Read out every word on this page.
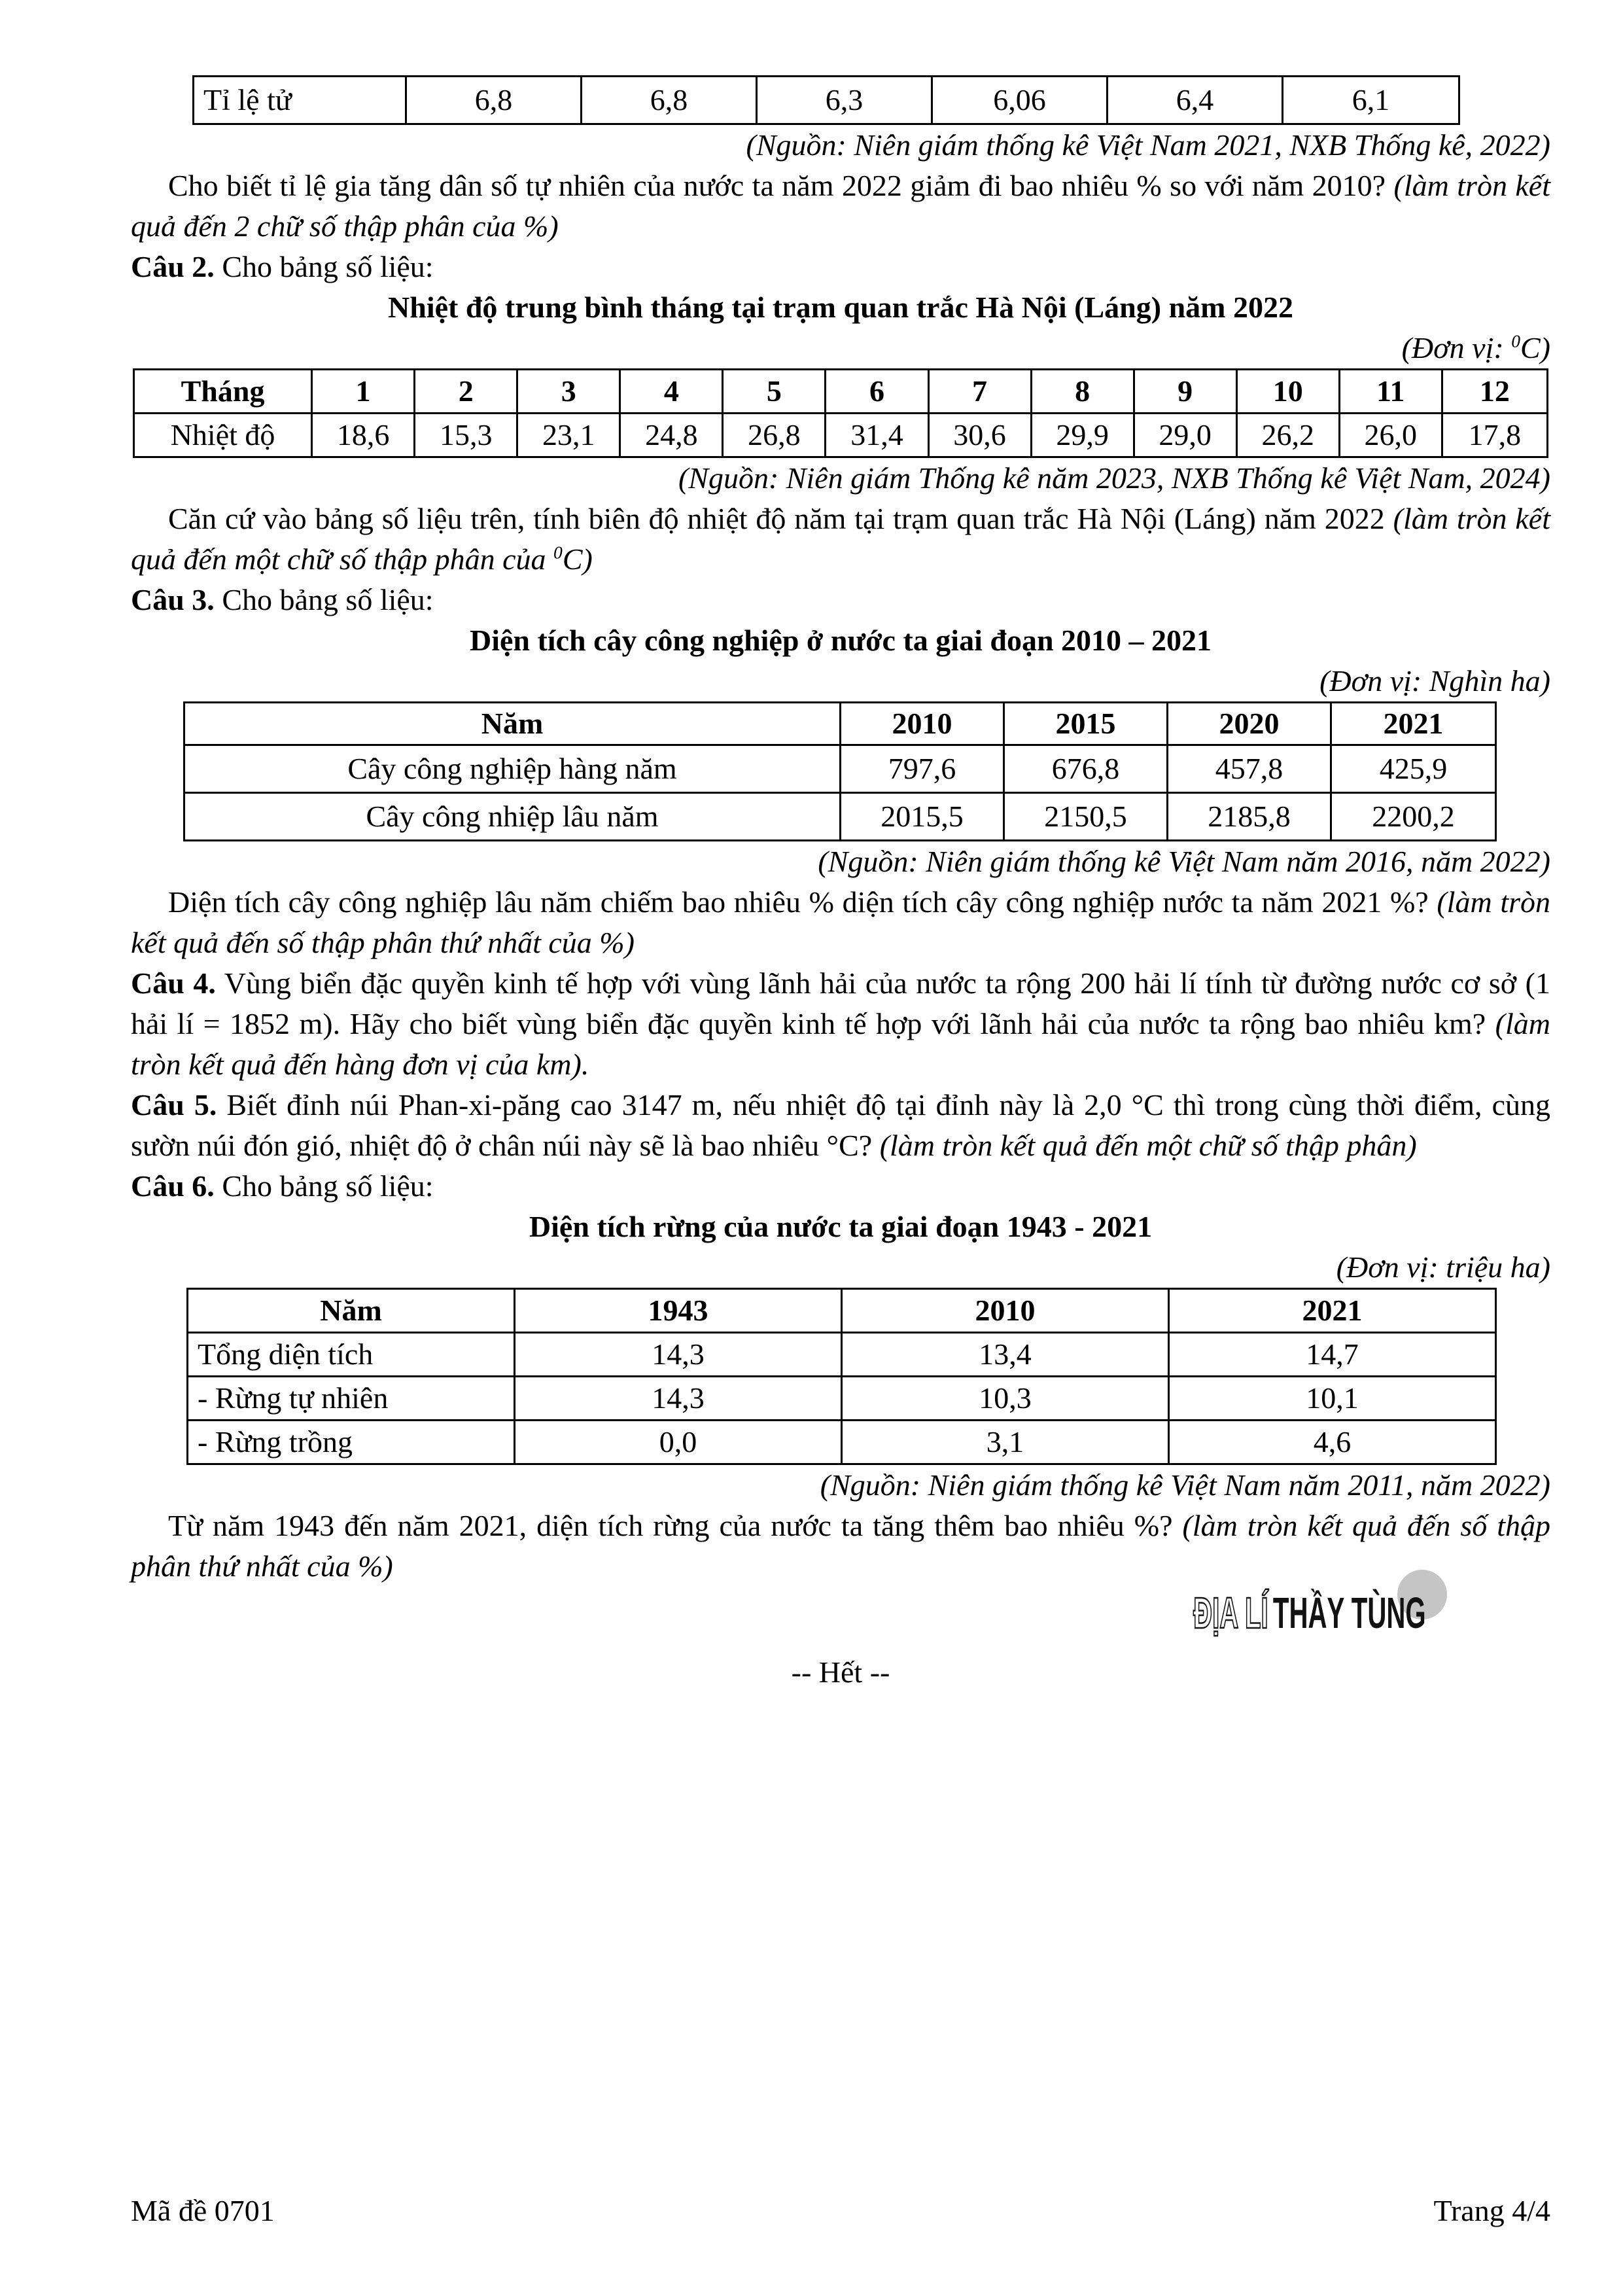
Tỉ lệ tử	6,8	6,8	6,3	6,06	6,4	6,1

(Nguồn: Niên giám thống kê Việt Nam 2021, NXB Thống kê, 2022)

Cho biết tỉ lệ gia tăng dân số tự nhiên của nước ta năm 2022 giảm đi bao nhiêu % so với năm 2010? (làm tròn kết quả đến 2 chữ số thập phân của %)

Câu 2. Cho bảng số liệu:

Nhiệt độ trung bình tháng tại trạm quan trắc Hà Nội (Láng) năm 2022

(Đơn vị: $^0$C)

Tháng	1	2	3	4	5	6	7	8	9	10	11	12
Nhiệt độ	18,6	15,3	23,1	24,8	26,8	31,4	30,6	29,9	29,0	26,2	26,0	17,8

(Nguồn: Niên giám Thống kê năm 2023, NXB Thống kê Việt Nam, 2024)

Căn cứ vào bảng số liệu trên, tính biên độ nhiệt độ năm tại trạm quan trắc Hà Nội (Láng) năm 2022 (làm tròn kết quả đến một chữ số thập phân của $^0$C)

Câu 3. Cho bảng số liệu:

Diện tích cây công nghiệp ở nước ta giai đoạn 2010 – 2021

(Đơn vị: Nghìn ha)

Năm	2010	2015	2020	2021
Cây công nghiệp hàng năm	797,6	676,8	457,8	425,9
Cây công nhiệp lâu năm	2015,5	2150,5	2185,8	2200,2

(Nguồn: Niên giám thống kê Việt Nam năm 2016, năm 2022)

Diện tích cây công nghiệp lâu năm chiếm bao nhiêu % diện tích cây công nghiệp nước ta năm 2021 %? (làm tròn kết quả đến số thập phân thứ nhất của %)

Câu 4. Vùng biển đặc quyền kinh tế hợp với vùng lãnh hải của nước ta rộng 200 hải lí tính từ đường nước cơ sở (1 hải lí = 1852 m). Hãy cho biết vùng biển đặc quyền kinh tế hợp với lãnh hải của nước ta rộng bao nhiêu km? (làm tròn kết quả đến hàng đơn vị của km).

Câu 5. Biết đỉnh núi Phan-xi-păng cao 3147 m, nếu nhiệt độ tại đỉnh này là 2,0 °C thì trong cùng thời điểm, cùng sườn núi đón gió, nhiệt độ ở chân núi này sẽ là bao nhiêu °C? (làm tròn kết quả đến một chữ số thập phân)

Câu 6. Cho bảng số liệu:

Diện tích rừng của nước ta giai đoạn 1943 - 2021

(Đơn vị: triệu ha)

Năm	1943	2010	2021
Tổng diện tích	14,3	13,4	14,7
- Rừng tự nhiên	14,3	10,3	10,1
- Rừng trồng	0,0	3,1	4,6

(Nguồn: Niên giám thống kê Việt Nam năm 2011, năm 2022)

Từ năm 1943 đến năm 2021, diện tích rừng của nước ta tăng thêm bao nhiêu %? (làm tròn kết quả đến số thập phân thứ nhất của %)

ĐỊA LÍ THẦY TÙNG

-- Hết --

Mã đề 0701	Trang 4/4
